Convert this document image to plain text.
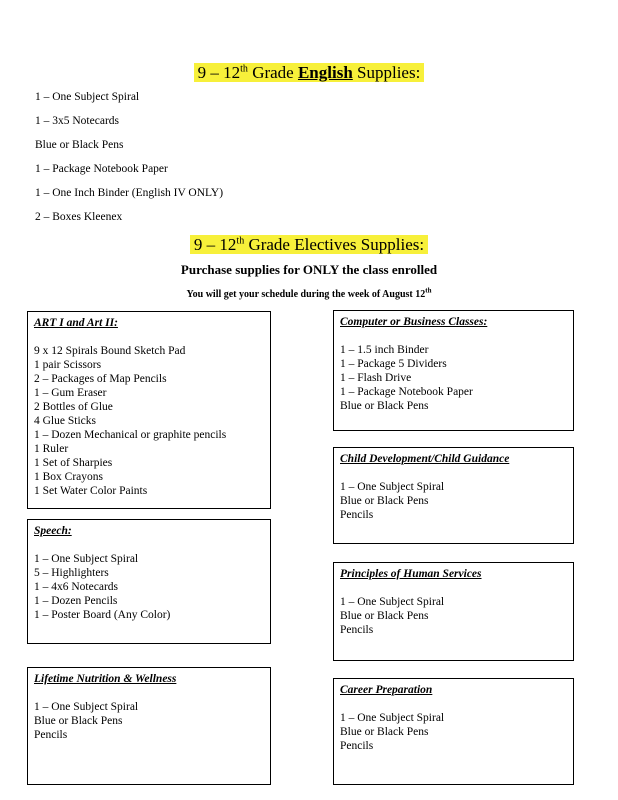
9 – 12th Grade English Supplies:
1 – One Subject Spiral
1 – 3x5 Notecards
Blue or Black Pens
1 – Package Notebook Paper
1 – One Inch Binder (English IV ONLY)
2 – Boxes Kleenex
9 – 12th Grade Electives Supplies:
Purchase supplies for ONLY the class enrolled
You will get your schedule during the week of August 12th
ART I and Art II:
9 x 12 Spirals Bound Sketch Pad
1 pair Scissors
2 – Packages of Map Pencils
1 – Gum Eraser
2 Bottles of Glue
4 Glue Sticks
1 – Dozen Mechanical or graphite pencils
1 Ruler
1 Set of Sharpies
1 Box Crayons
1 Set Water Color Paints
Computer or Business Classes:
1 – 1.5 inch Binder
1 – Package 5 Dividers
1 – Flash Drive
1 – Package Notebook Paper
Blue or Black Pens
Child Development/Child Guidance
1 – One Subject Spiral
Blue or Black Pens
Pencils
Speech:
1 – One Subject Spiral
5 – Highlighters
1 – 4x6 Notecards
1 – Dozen Pencils
1 – Poster Board (Any Color)
Principles of Human Services
1 – One Subject Spiral
Blue or Black Pens
Pencils
Lifetime Nutrition & Wellness
1 – One Subject Spiral
Blue or Black Pens
Pencils
Career Preparation
1 – One Subject Spiral
Blue or Black Pens
Pencils
